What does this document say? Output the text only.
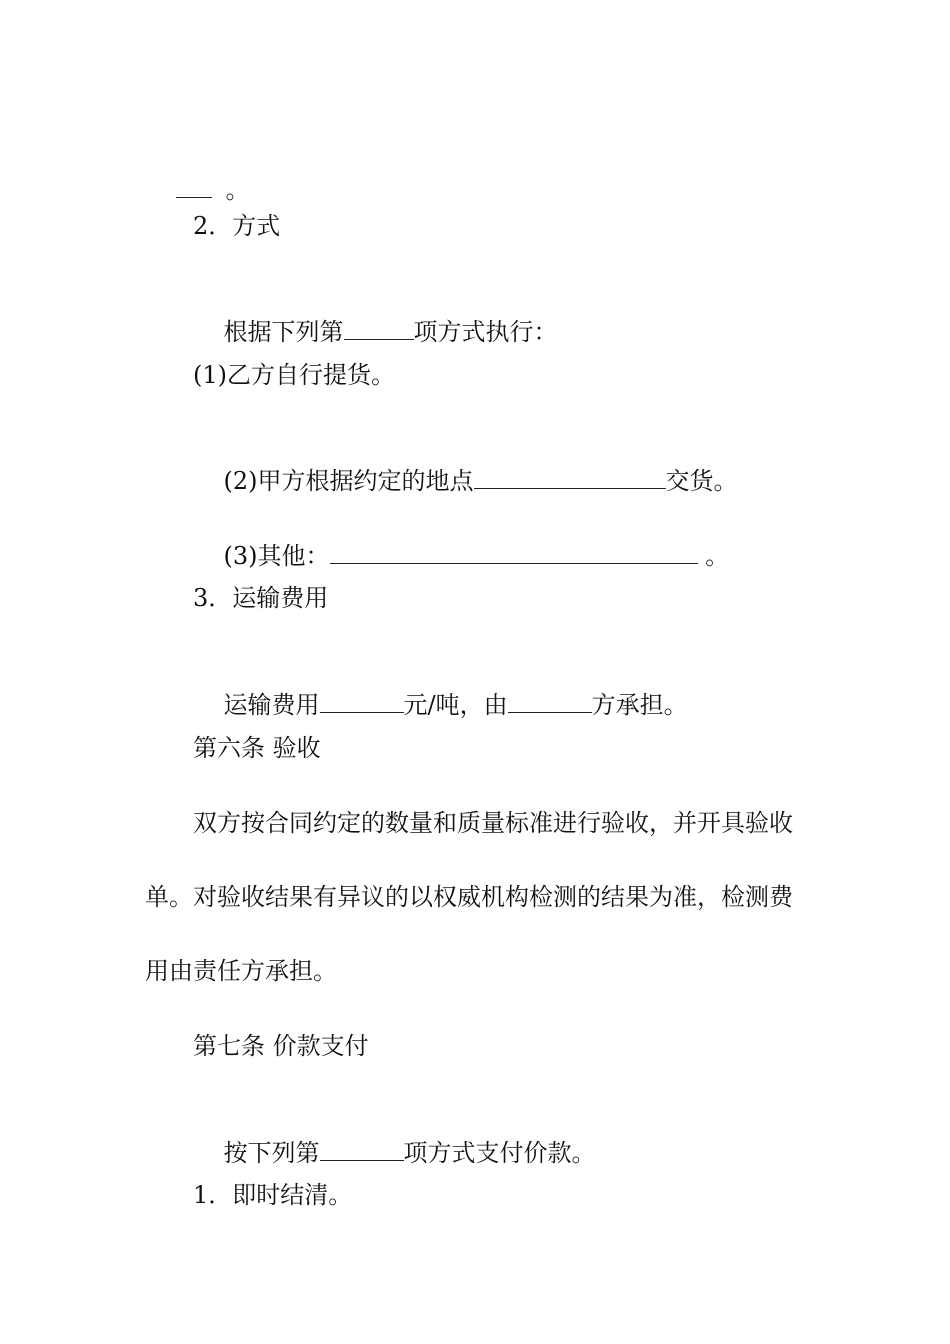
。

2．方式

根据下列第	项方式执行：

(1)乙方自行提货。

(2)甲方根据约定的地点	交货。

(3)其他：	。

3．运输费用

运输费用	元/吨，由	方承担。

第六条 验收
双方按合同约定的数量和质量标准进行验收，并开具验收
单。对验收结果有异议的以权威机构检测的结果为准，检测费
用由责任方承担。
第七条 价款支付

按下列第	项方式支付价款。

1．即时结清。
